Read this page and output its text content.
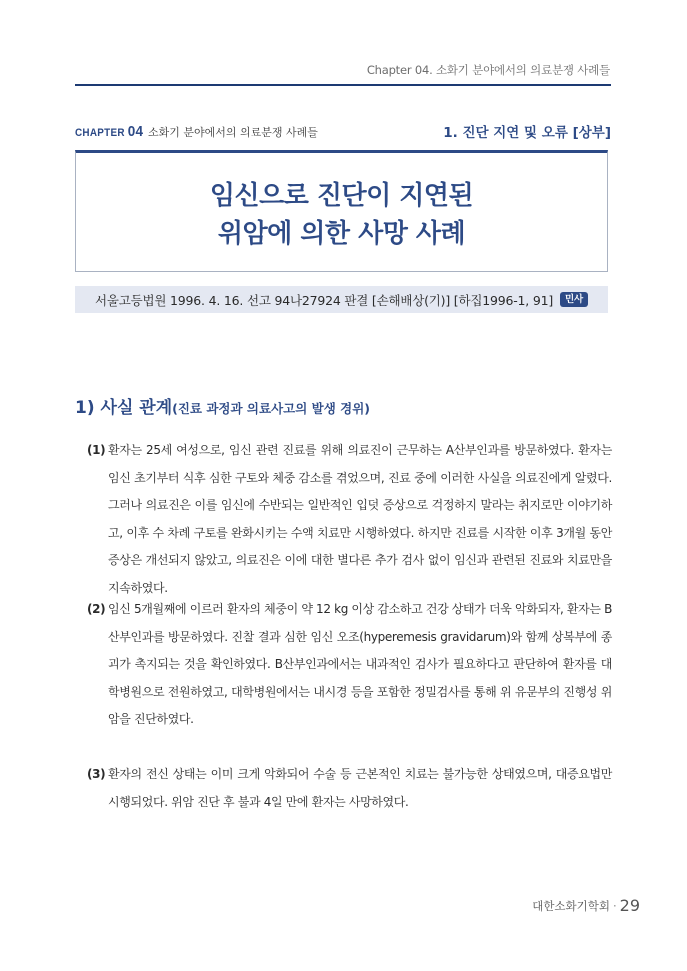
Chapter 04. 소화기 분야에서의 의료분쟁 사례들
CHAPTER 04 소화기 분야에서의 의료분쟁 사례들	1. 진단 지연 및 오류 [상부]
임신으로 진단이 지연된
위암에 의한 사망 사례
서울고등법원 1996. 4. 16. 선고 94나27924 판결 [손해배상(기)] [하집1996-1, 91]	민사
1) 사실 관계(진료 과정과 의료사고의 발생 경위)
(1) 환자는 25세 여성으로, 임신 관련 진료를 위해 의료진이 근무하는 A산부인과를 방문하였다. 환자는 임신 초기부터 식후 심한 구토와 체중 감소를 겪었으며, 진료 중에 이러한 사실을 의료진에게 알렸다. 그러나 의료진은 이를 임신에 수반되는 일반적인 입덧 증상으로 걱정하지 말라는 취지로만 이야기하고, 이후 수 차례 구토를 완화시키는 수액 치료만 시행하였다. 하지만 진료를 시작한 이후 3개월 동안 증상은 개선되지 않았고, 의료진은 이에 대한 별다른 추가 검사 없이 임신과 관련된 진료와 치료만을 지속하였다.
(2) 임신 5개월째에 이르러 환자의 체중이 약 12 kg 이상 감소하고 건강 상태가 더욱 악화되자, 환자는 B산부인과를 방문하였다. 진찰 결과 심한 임신 오조(hyperemesis gravidarum)와 함께 상복부에 종괴가 촉지되는 것을 확인하였다. B산부인과에서는 내과적인 검사가 필요하다고 판단하여 환자를 대학병원으로 전원하였고, 대학병원에서는 내시경 등을 포함한 정밀검사를 통해 위 유문부의 진행성 위암을 진단하였다.
(3) 환자의 전신 상태는 이미 크게 악화되어 수술 등 근본적인 치료는 불가능한 상태였으며, 대증요법만 시행되었다. 위암 진단 후 불과 4일 만에 환자는 사망하였다.
대한소화기학회 · 29
